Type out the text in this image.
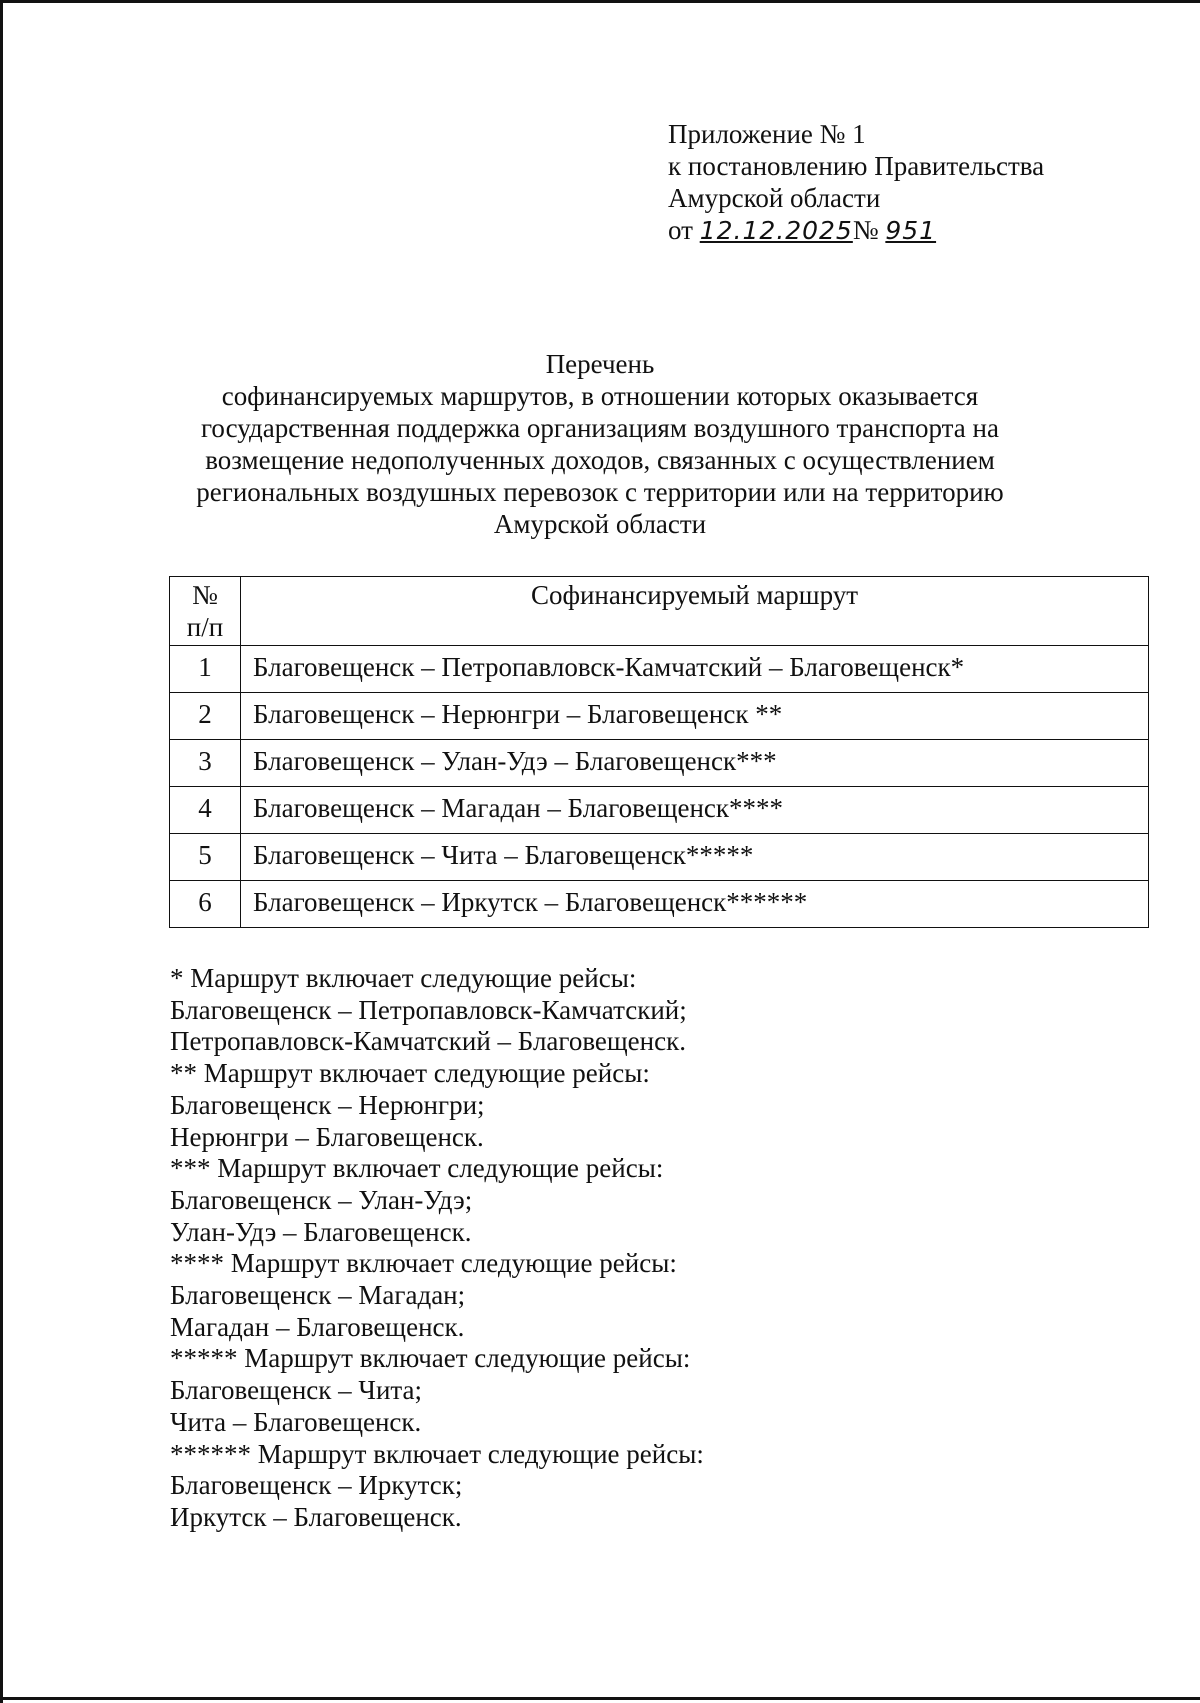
Приложение № 1
к постановлению Правительства
Амурской области
от 12.12.2025№ 951
Перечень
софинансируемых маршрутов, в отношении которых оказывается
государственная поддержка организациям воздушного транспорта на
возмещение недополученных доходов, связанных с осуществлением
региональных воздушных перевозок с территории или на территорию
Амурской области
№
п/п	Софинансируемый маршрут
1	Благовещенск – Петропавловск-Камчатский – Благовещенск*
2	Благовещенск – Нерюнгри – Благовещенск **
3	Благовещенск – Улан-Удэ – Благовещенск***
4	Благовещенск – Магадан – Благовещенск****
5	Благовещенск – Чита – Благовещенск*****
6	Благовещенск – Иркутск – Благовещенск******
* Маршрут включает следующие рейсы:
Благовещенск – Петропавловск-Камчатский;
Петропавловск-Камчатский – Благовещенск.
** Маршрут включает следующие рейсы:
Благовещенск – Нерюнгри;
Нерюнгри – Благовещенск.
*** Маршрут включает следующие рейсы:
Благовещенск – Улан-Удэ;
Улан-Удэ – Благовещенск.
**** Маршрут включает следующие рейсы:
Благовещенск – Магадан;
Магадан – Благовещенск.
***** Маршрут включает следующие рейсы:
Благовещенск – Чита;
Чита – Благовещенск.
****** Маршрут включает следующие рейсы:
Благовещенск – Иркутск;
Иркутск – Благовещенск.
